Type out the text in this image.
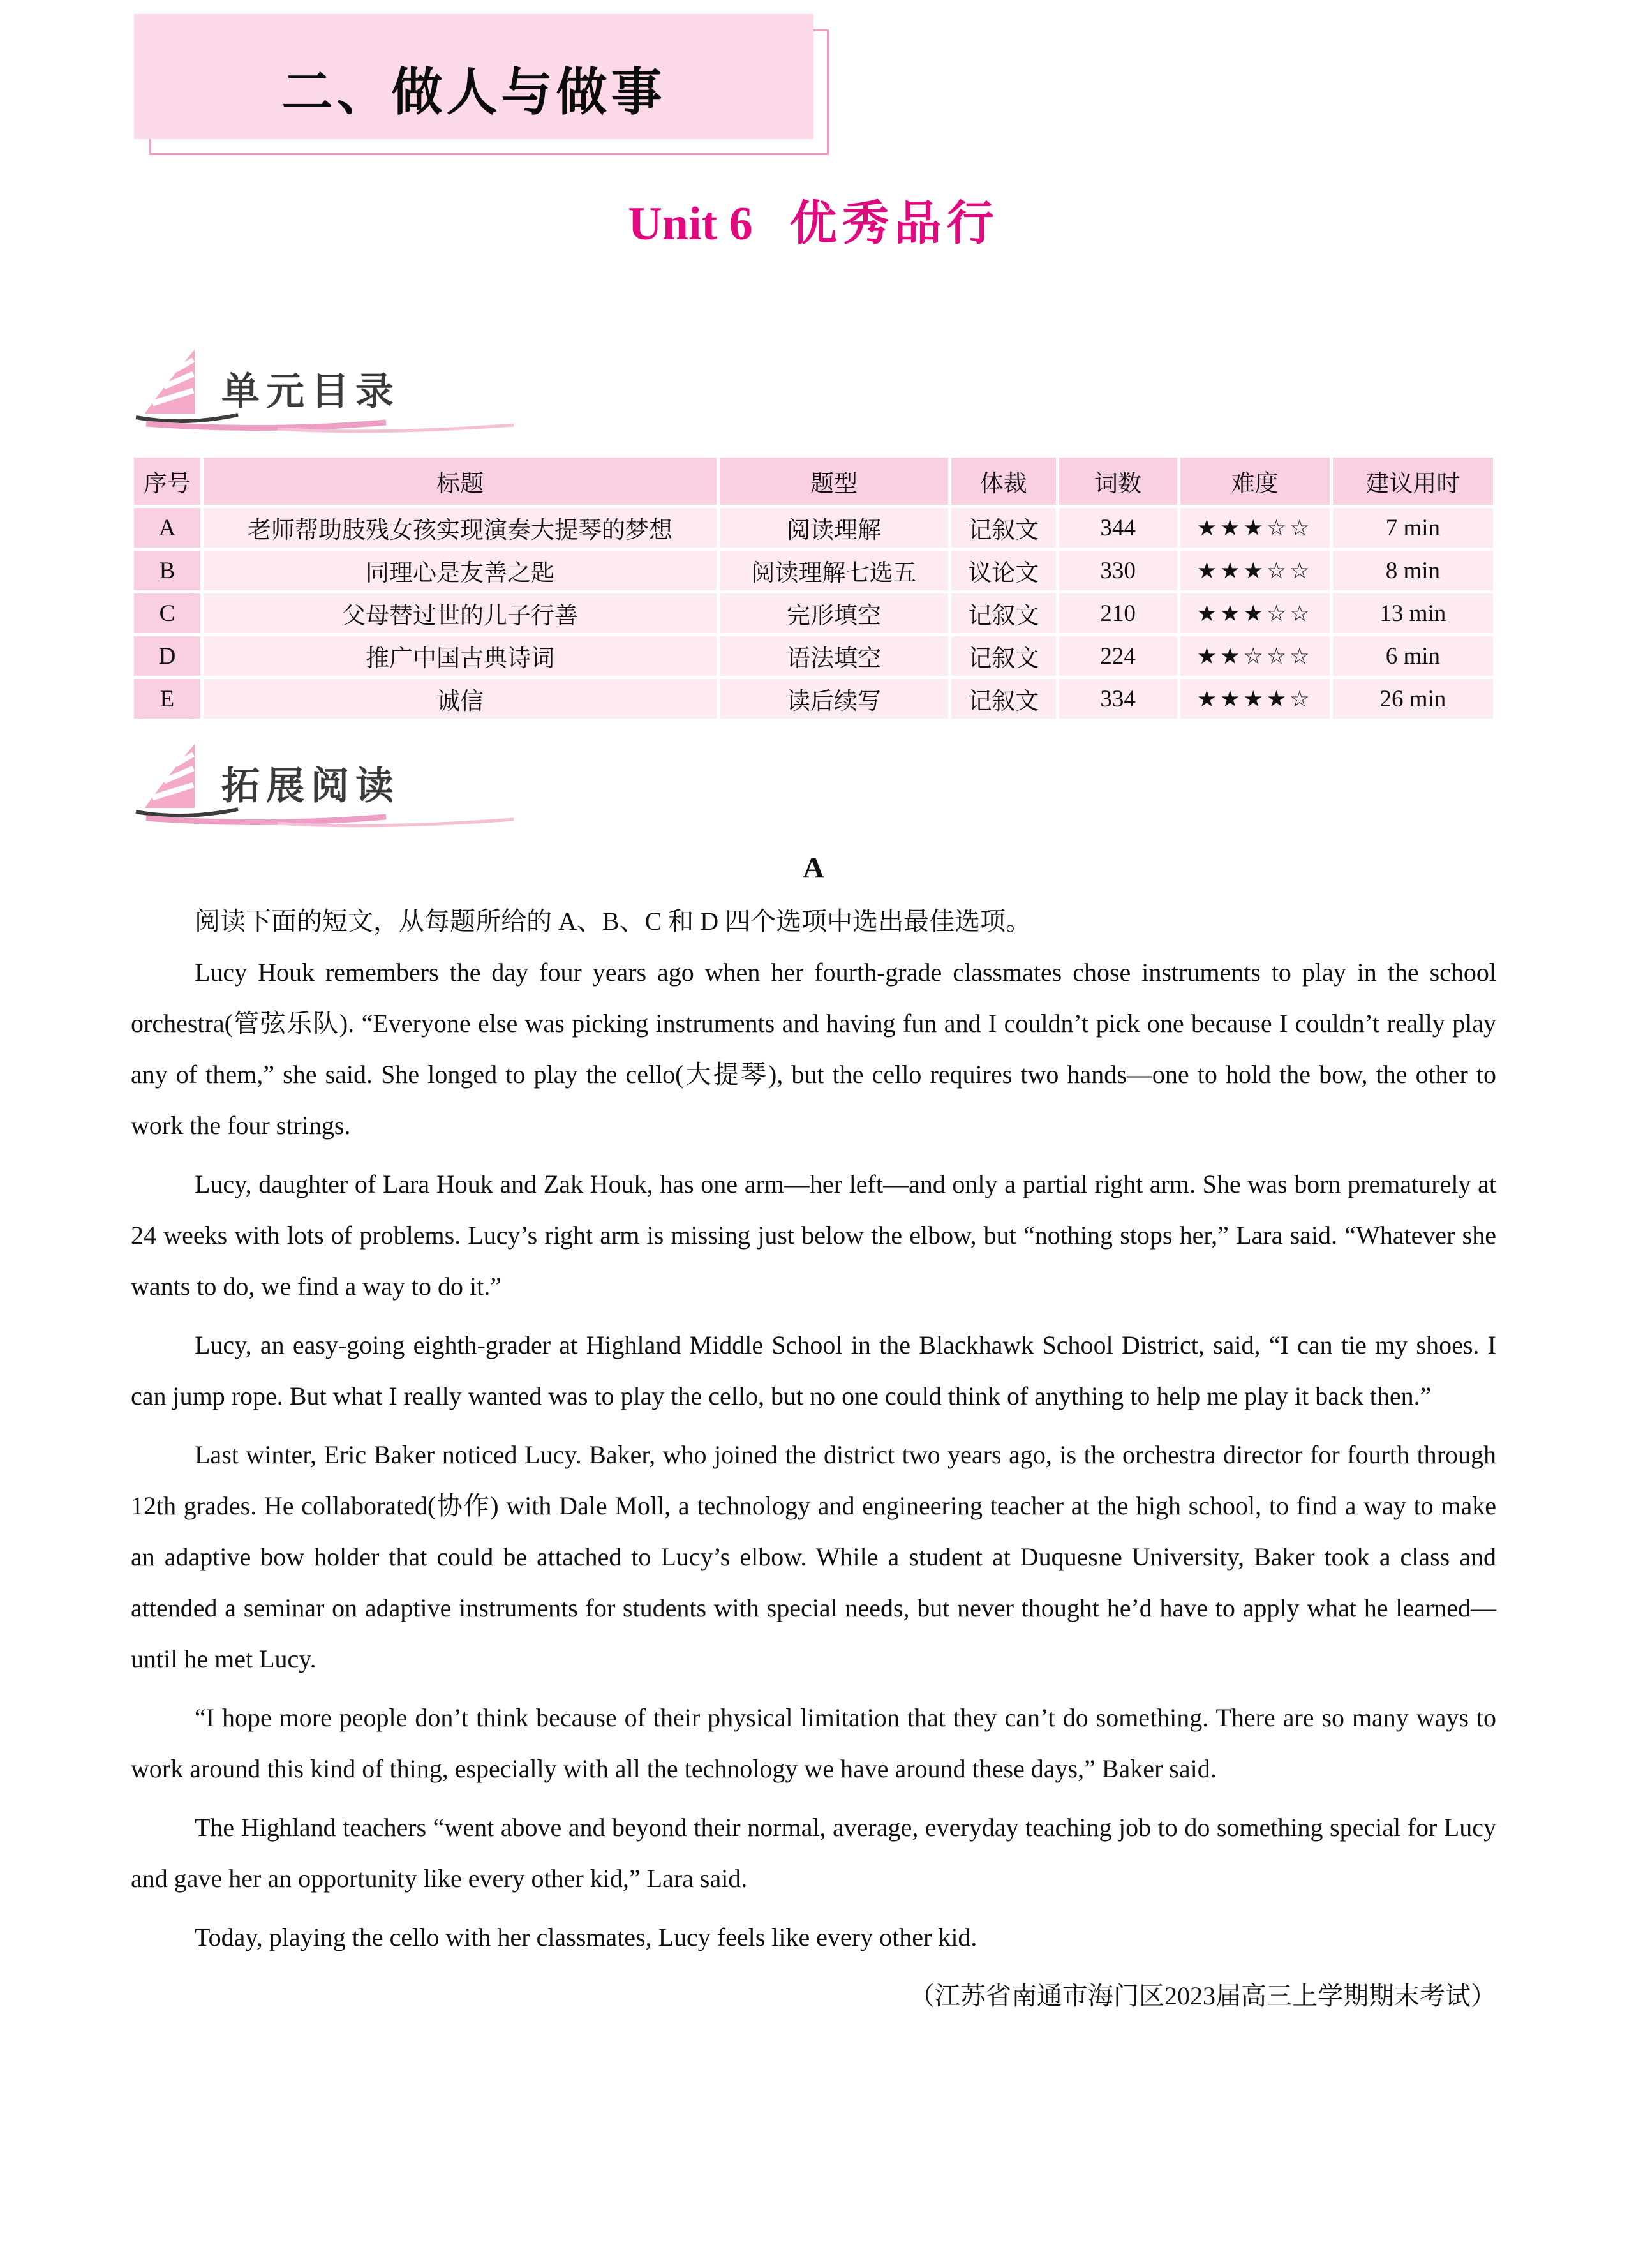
二、做人与做事
Unit 6 优秀品行
单元目录
序号	标题	题型	体裁	词数	难度	建议用时
A	老师帮助肢残女孩实现演奏大提琴的梦想	阅读理解	记叙文	344	★★★☆☆	7 min
B	同理心是友善之匙	阅读理解七选五	议论文	330	★★★☆☆	8 min
C	父母替过世的儿子行善	完形填空	记叙文	210	★★★☆☆	13 min
D	推广中国古典诗词	语法填空	记叙文	224	★★☆☆☆	6 min
E	诚信	读后续写	记叙文	334	★★★★☆	26 min
拓展阅读

A

阅读下面的短文，从每题所给的 A、B、C 和 D 四个选项中选出最佳选项。

Lucy Houk remembers the day four years ago when her fourth-grade classmates chose instruments to play in the school orchestra(管弦乐队). “Everyone else was picking instruments and having fun and I couldn’t pick one because I couldn’t really play any of them,” she said. She longed to play the cello(大提琴), but the cello requires two hands—one to hold the bow, the other to work the four strings.

Lucy, daughter of Lara Houk and Zak Houk, has one arm—her left—and only a partial right arm. She was born prematurely at 24 weeks with lots of problems. Lucy’s right arm is missing just below the elbow, but “nothing stops her,” Lara said. “Whatever she wants to do, we find a way to do it.”

Lucy, an easy-going eighth-grader at Highland Middle School in the Blackhawk School District, said, “I can tie my shoes. I can jump rope. But what I really wanted was to play the cello, but no one could think of anything to help me play it back then.”

Last winter, Eric Baker noticed Lucy. Baker, who joined the district two years ago, is the orchestra director for fourth through 12th grades. He collaborated(协作) with Dale Moll, a technology and engineering teacher at the high school, to find a way to make an adaptive bow holder that could be attached to Lucy’s elbow. While a student at Duquesne University, Baker took a class and attended a seminar on adaptive instruments for students with special needs, but never thought he’d have to apply what he learned—until he met Lucy.

“I hope more people don’t think because of their physical limitation that they can’t do something. There are so many ways to work around this kind of thing, especially with all the technology we have around these days,” Baker said.

The Highland teachers “went above and beyond their normal, average, everyday teaching job to do something special for Lucy and gave her an opportunity like every other kid,” Lara said.

Today, playing the cello with her classmates, Lucy feels like every other kid.

（江苏省南通市海门区2023届高三上学期期末考试）
